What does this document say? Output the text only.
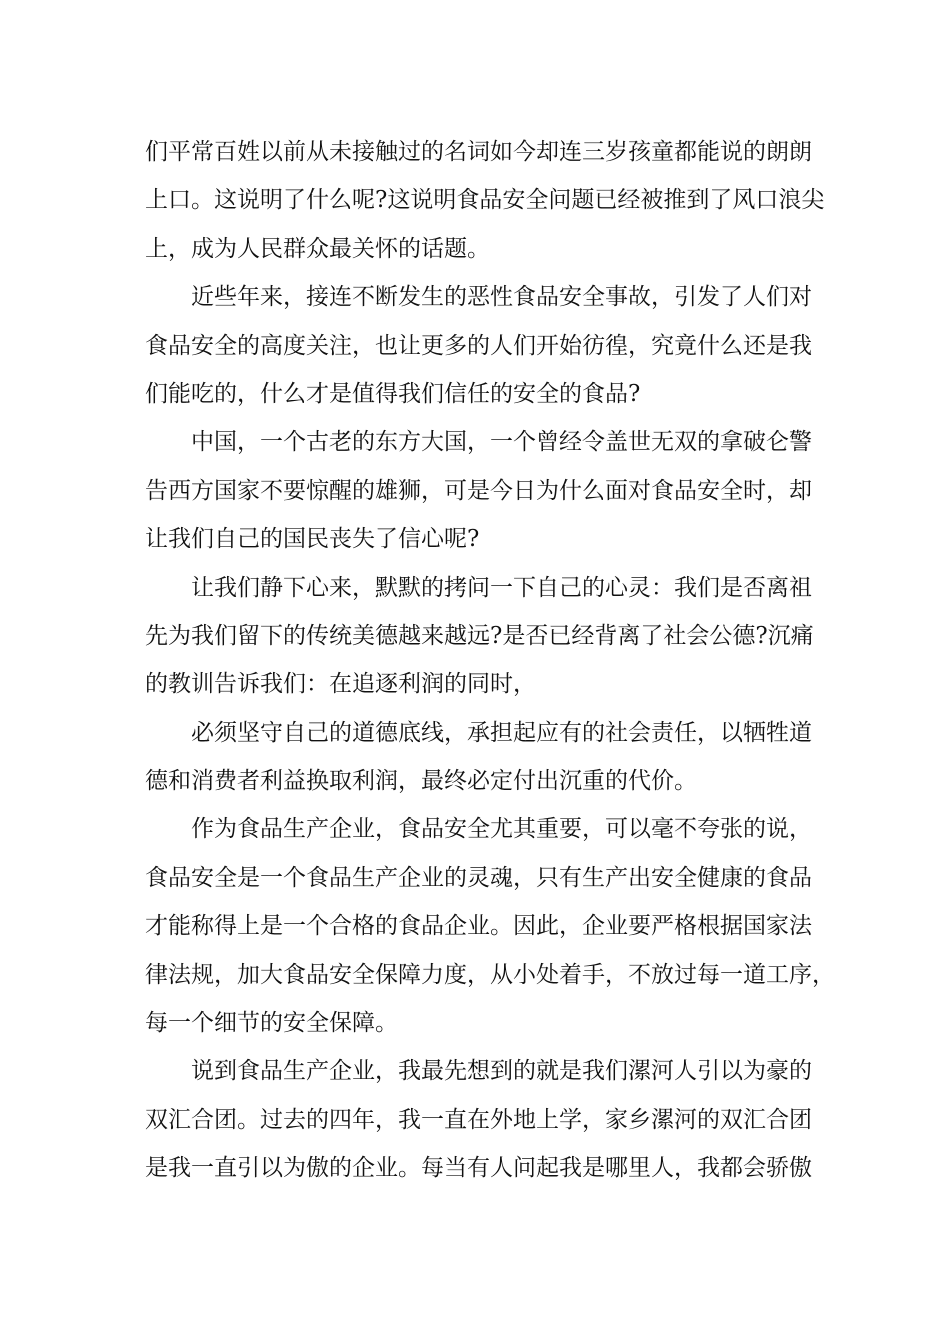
们平常百姓以前从未接触过的名词如今却连三岁孩童都能说的朗朗
上口。这说明了什么呢?这说明食品安全问题已经被推到了风口浪尖
上，成为人民群众最关怀的话题。
近些年来，接连不断发生的恶性食品安全事故，引发了人们对
食品安全的高度关注，也让更多的人们开始彷徨，究竟什么还是我
们能吃的，什么才是值得我们信任的安全的食品?
中国，一个古老的东方大国，一个曾经令盖世无双的拿破仑警
告西方国家不要惊醒的雄狮，可是今日为什么面对食品安全时，却
让我们自己的国民丧失了信心呢?
让我们静下心来，默默的拷问一下自己的心灵：我们是否离祖
先为我们留下的传统美德越来越远?是否已经背离了社会公德?沉痛
的教训告诉我们：在追逐利润的同时，
必须坚守自己的道德底线，承担起应有的社会责任，以牺牲道
德和消费者利益换取利润，最终必定付出沉重的代价。
作为食品生产企业，食品安全尤其重要，可以毫不夸张的说，
食品安全是一个食品生产企业的灵魂，只有生产出安全健康的食品
才能称得上是一个合格的食品企业。因此，企业要严格根据国家法
律法规，加大食品安全保障力度，从小处着手，不放过每一道工序，
每一个细节的安全保障。
说到食品生产企业，我最先想到的就是我们漯河人引以为豪的
双汇合团。过去的四年，我一直在外地上学，家乡漯河的双汇合团
是我一直引以为傲的企业。每当有人问起我是哪里人，我都会骄傲
